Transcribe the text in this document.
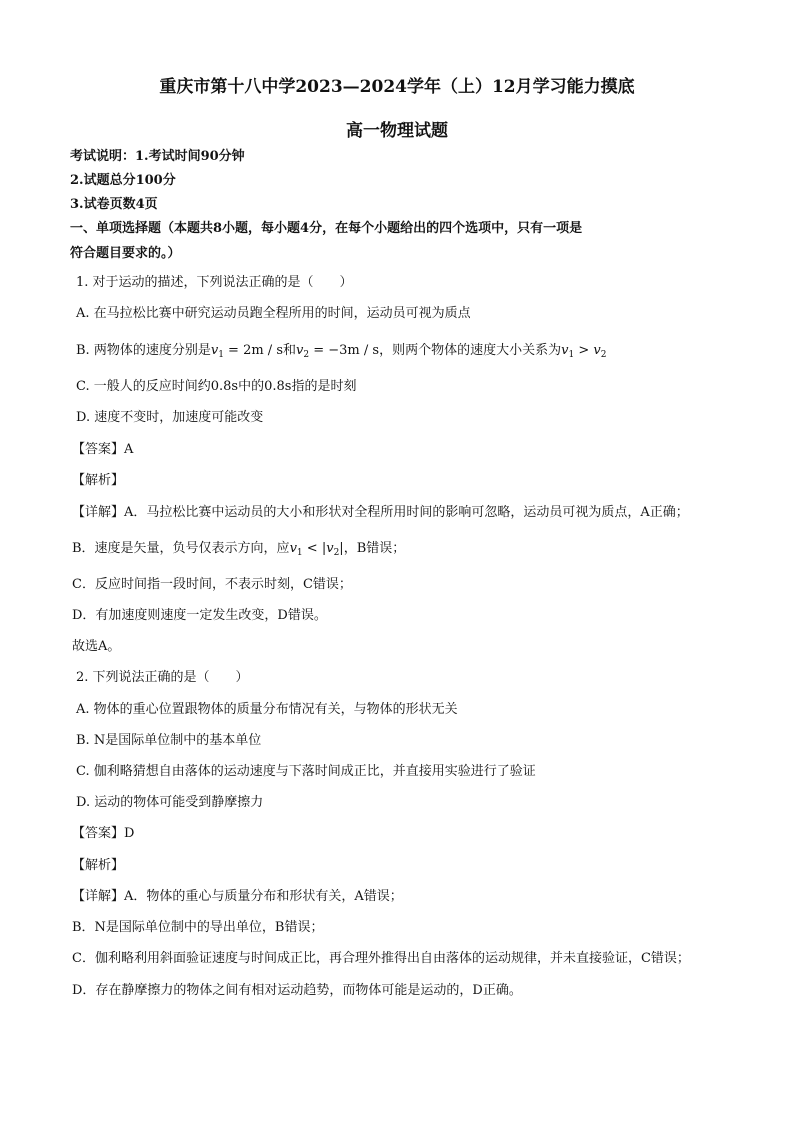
重庆市第十八中学2023—2024学年（上）12月学习能力摸底
高一物理试题
考试说明：1.考试时间90分钟
2.试题总分100分
3.试卷页数4页
一、单项选择题（本题共8小题，每小题4分，在每个小题给出的四个选项中，只有一项是
符合题目要求的。）
1. 对于运动的描述，下列说法正确的是（　　）
A. 在马拉松比赛中研究运动员跑全程所用的时间，运动员可视为质点
B. 两物体的速度分别是$v_1 = 2m / s$和$v_2 = -3m / s$，则两个物体的速度大小关系为$v_1 > v_2$
C. 一般人的反应时间约0.8s中的0.8s指的是时刻
D. 速度不变时，加速度可能改变
【答案】A
【解析】
【详解】A．马拉松比赛中运动员的大小和形状对全程所用时间的影响可忽略，运动员可视为质点，A正确；
B．速度是矢量，负号仅表示方向，应$v_1 < |v_2|$，B错误；
C．反应时间指一段时间，不表示时刻，C错误；
D．有加速度则速度一定发生改变，D错误。
故选A。
2. 下列说法正确的是（　　）
A. 物体的重心位置跟物体的质量分布情况有关，与物体的形状无关
B. N是国际单位制中的基本单位
C. 伽利略猜想自由落体的运动速度与下落时间成正比，并直接用实验进行了验证
D. 运动的物体可能受到静摩擦力
【答案】D
【解析】
【详解】A．物体的重心与质量分布和形状有关，A错误；
B．N是国际单位制中的导出单位，B错误；
C．伽利略利用斜面验证速度与时间成正比，再合理外推得出自由落体的运动规律，并未直接验证，C错误；
D．存在静摩擦力的物体之间有相对运动趋势，而物体可能是运动的，D正确。
